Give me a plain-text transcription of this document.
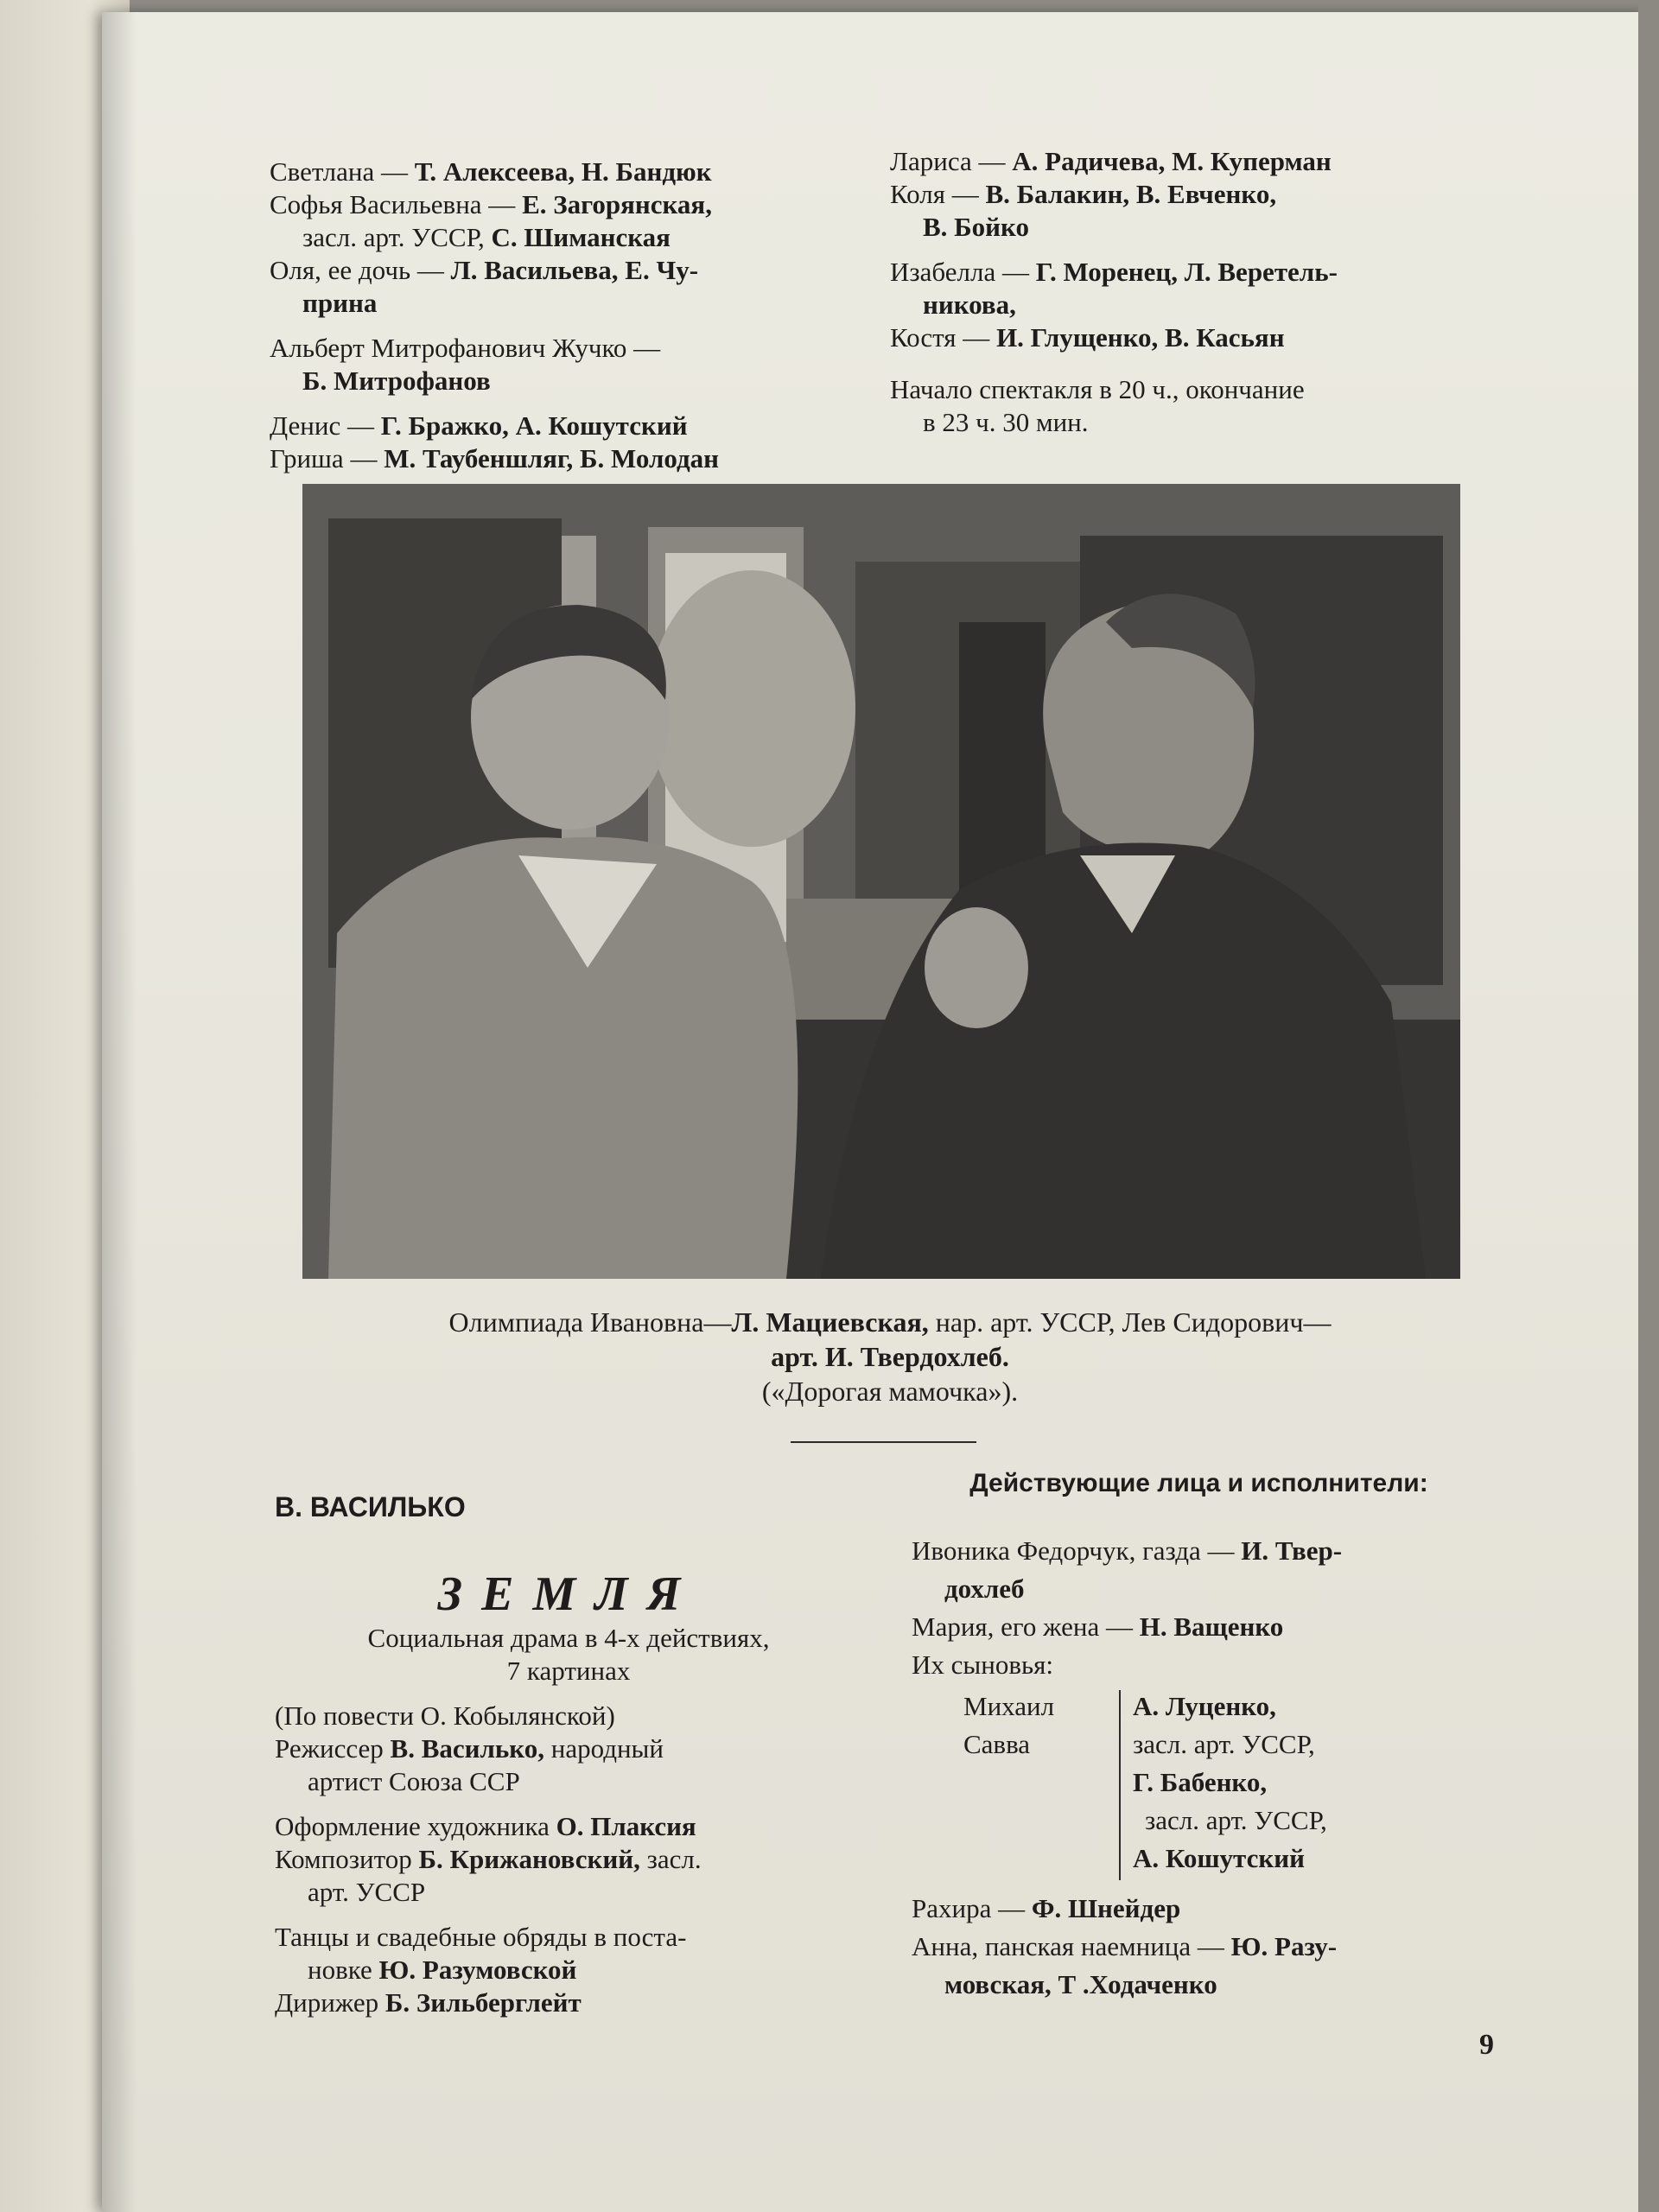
Светлана — Т. Алексеева, Н. Бандюк

Софья Васильевна — Е. Загорянская,

засл. арт. УССР, С. Шиманская

Оля, ее дочь — Л. Васильева, Е. Чу-

прина

Альберт Митрофанович Жучко —

Б. Митрофанов

Денис — Г. Бражко, А. Кошутский

Гриша — М. Таубеншляг, Б. Молодан

Лариса — А. Радичева, М. Куперман

Коля — В. Балакин, В. Евченко,

В. Бойко

Изабелла — Г. Моренец, Л. Веретель-

никова,

Костя — И. Глущенко, В. Касьян

Начало спектакля в 20 ч., окончание

в 23 ч. 30 мин.

Олимпиада Ивановна—Л. Мациевская, нар. арт. УССР, Лев Сидорович—
арт. И. Твердохлеб.
(«Дорогая мамочка»).

В. ВАСИЛЬКО

ЗЕМЛЯ

Социальная драма в 4-х действиях,

7 картинах

(По повести О. Кобылянской)

Режиссер В. Василько, народный

артист Союза ССР

Оформление художника О. Плаксия

Композитор Б. Крижановский, засл.

арт. УССР

Танцы и свадебные обряды в поста-

новке Ю. Разумовской

Дирижер Б. Зильберглейт

Действующие лица и исполнители:

Ивоника Федорчук, газда — И. Твер-

дохлеб

Мария, его жена — Н. Ващенко

Их сыновья:

Михаил

Савва

А. Луценко,

засл. арт. УССР,

Г. Бабенко,

засл. арт. УССР,

А. Кошутский

Рахира — Ф. Шнейдер

Анна, панская наемница — Ю. Разу-

мовская, Т .Ходаченко

9
